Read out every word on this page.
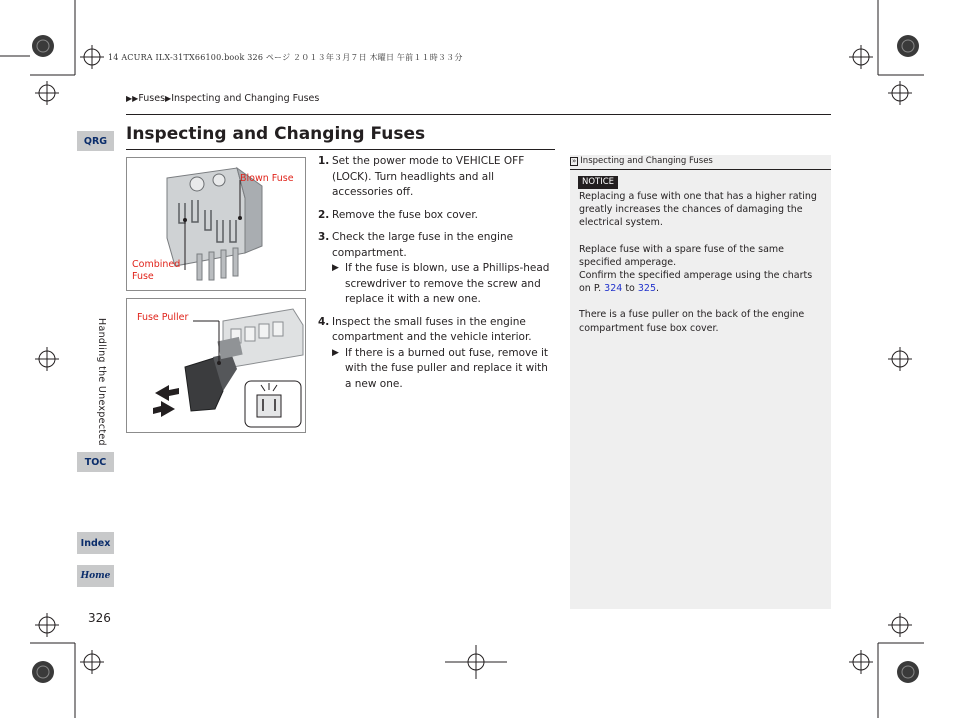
14 ACURA ILX-31TX66100.book 326 ページ ２０１３年３月７日 木曜日 午前１１時３３分
▶▶Fuses▶Inspecting and Changing Fuses
Inspecting and Changing Fuses
QRG
TOC
Index
Home
Handling the Unexpected
326
Blown Fuse
Combined
Fuse
Fuse Puller
1. Set the power mode to VEHICLE OFF (LOCK). Turn headlights and all accessories off.
2. Remove the fuse box cover.
3. Check the large fuse in the engine compartment.
▶ If the fuse is blown, use a Phillips-head screwdriver to remove the screw and replace it with a new one.
4. Inspect the small fuses in the engine compartment and the vehicle interior.
▶ If there is a burned out fuse, remove it with the fuse puller and replace it with a new one.
» Inspecting and Changing Fuses
NOTICE

Replacing a fuse with one that has a higher rating greatly increases the chances of damaging the electrical system.

Replace fuse with a spare fuse of the same specified amperage.
Confirm the specified amperage using the charts on P. 324 to 325.

There is a fuse puller on the back of the engine compartment fuse box cover.
